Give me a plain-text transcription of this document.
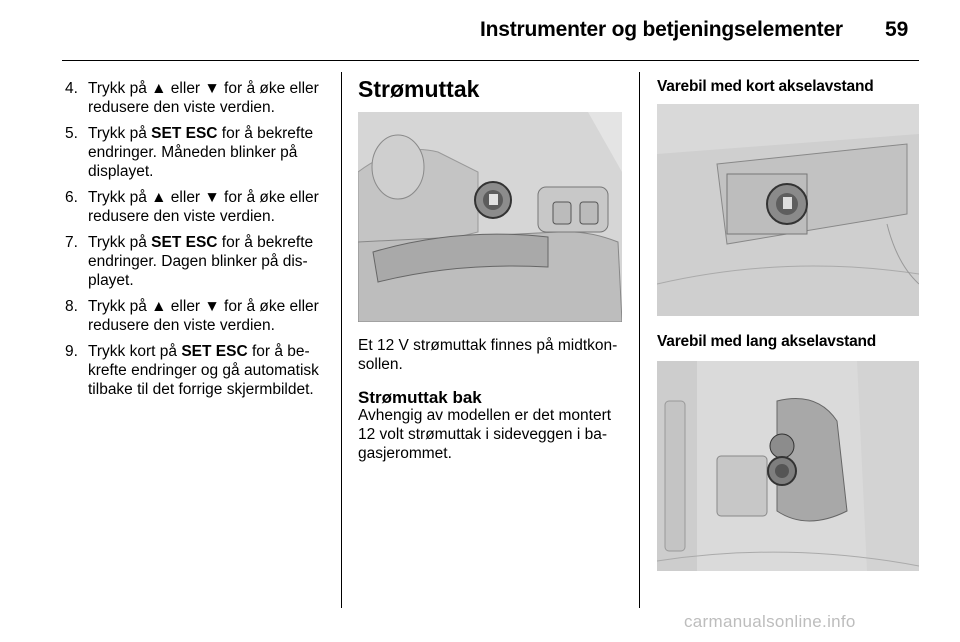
Instrumenter og betjeningselementer 59
4. Trykk på ▲ eller ▼ for å øke eller redusere den viste verdien.
5. Trykk på SET ESC for å bekrefte endringer. Måneden blinker på displayet.
6. Trykk på ▲ eller ▼ for å øke eller redusere den viste verdien.
7. Trykk på SET ESC for å bekrefte endringer. Dagen blinker på dis-playet.
8. Trykk på ▲ eller ▼ for å øke eller redusere den viste verdien.
9. Trykk kort på SET ESC for å be-krefte endringer og gå automatisk tilbake til det forrige skjermbildet.
Strømuttak
Et 12 V strømuttak finnes på midtkon-sollen.
Strømuttak bak
Avhengig av modellen er det montert 12 volt strømuttak i sideveggen i ba-gasjerommet.
Varebil med kort akselavstand
Varebil med lang akselavstand
carmanualsonline.info
